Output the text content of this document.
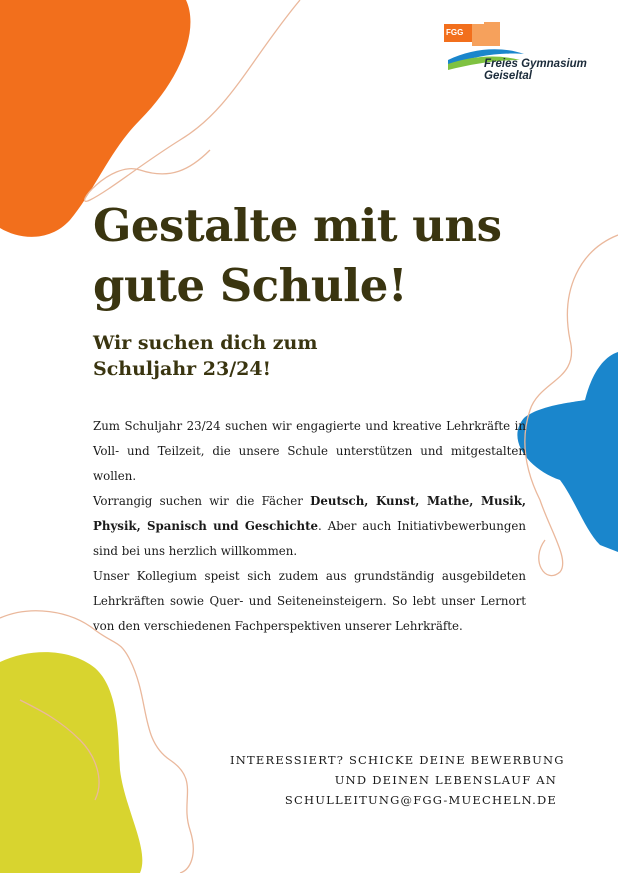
FGG
Freies Gymnasium
Geiseltal
Gestalte mit uns
gute Schule!
Wir suchen dich zum
Schuljahr 23/24!

Zum Schuljahr 23/24 suchen wir engagierte und kreative Lehrkräfte in Voll- und Teilzeit, die unsere Schule unterstützen und mitgestalten wollen.

Vorrangig suchen wir die Fächer Deutsch, Kunst, Mathe, Musik, Physik, Spanisch und Geschichte. Aber auch Initiativbewerbungen sind bei uns herzlich willkommen.

Unser Kollegium speist sich zudem aus grundständig ausgebildeten Lehrkräften sowie Quer- und Seiteneinsteigern. So lebt unser Lernort von den verschiedenen Fachperspektiven unserer Lehrkräfte.

INTERESSIERT? SCHICKE DEINE BEWERBUNG
UND DEINEN LEBENSLAUF AN
SCHULLEITUNG@FGG-MUECHELN.DE
